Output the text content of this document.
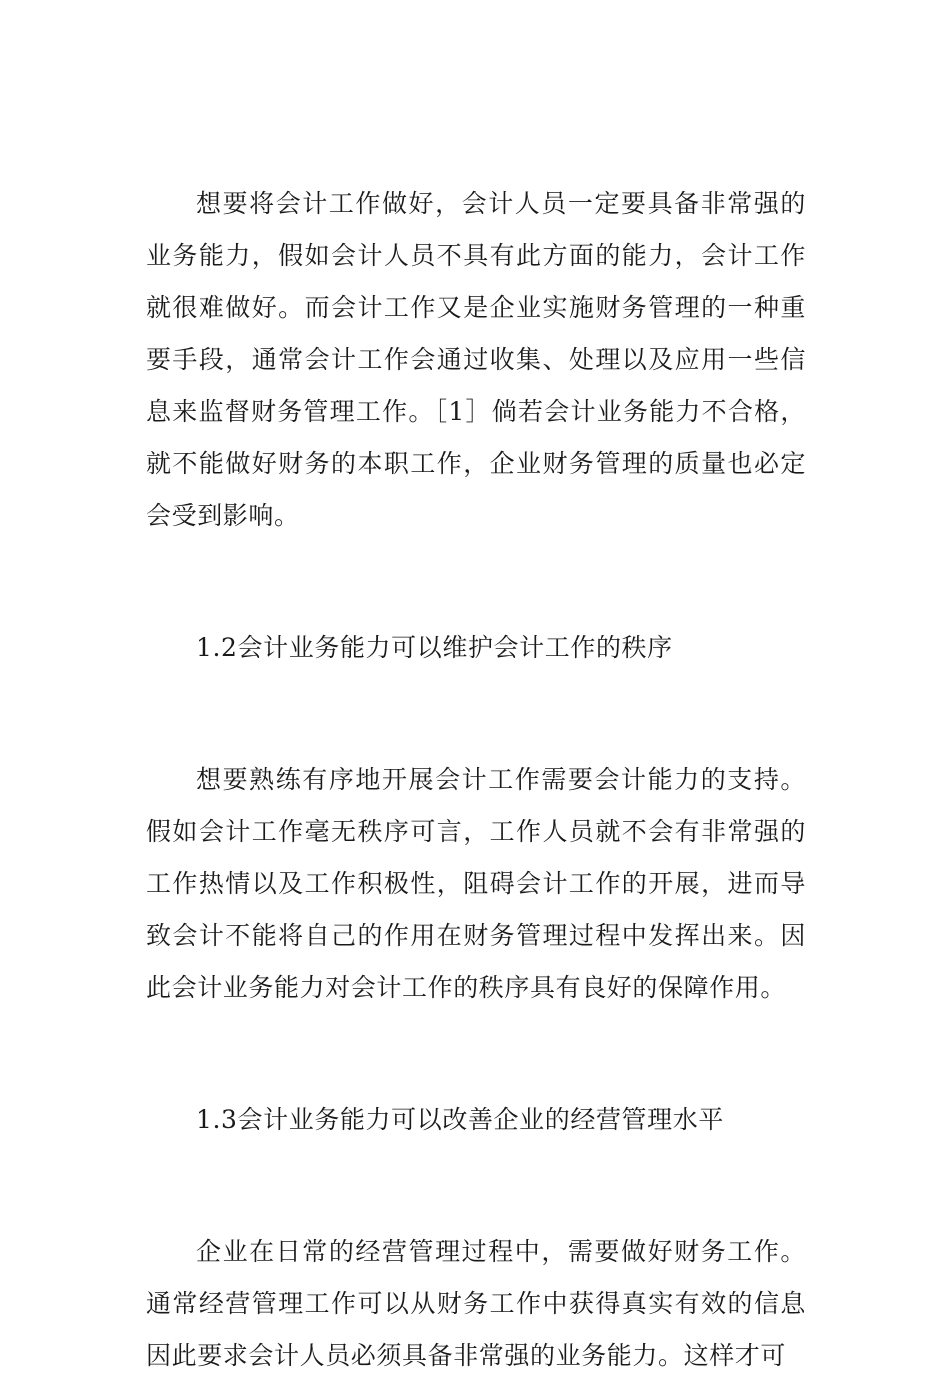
想要将会计工作做好，会计人员一定要具备非常强的业务能力，假如会计人员不具有此方面的能力，会计工作就很难做好。而会计工作又是企业实施财务管理的一种重要手段，通常会计工作会通过收集、处理以及应用一些信息来监督财务管理工作。［1］倘若会计业务能力不合格，就不能做好财务的本职工作，企业财务管理的质量也必定会受到影响。

1.2会计业务能力可以维护会计工作的秩序

想要熟练有序地开展会计工作需要会计能力的支持。假如会计工作毫无秩序可言，工作人员就不会有非常强的工作热情以及工作积极性，阻碍会计工作的开展，进而导致会计不能将自己的作用在财务管理过程中发挥出来。因此会计业务能力对会计工作的秩序具有良好的保障作用。

1.3会计业务能力可以改善企业的经营管理水平

企业在日常的经营管理过程中，需要做好财务工作。通常经营管理工作可以从财务工作中获得真实有效的信息因此要求会计人员必须具备非常强的业务能力。这样才可
